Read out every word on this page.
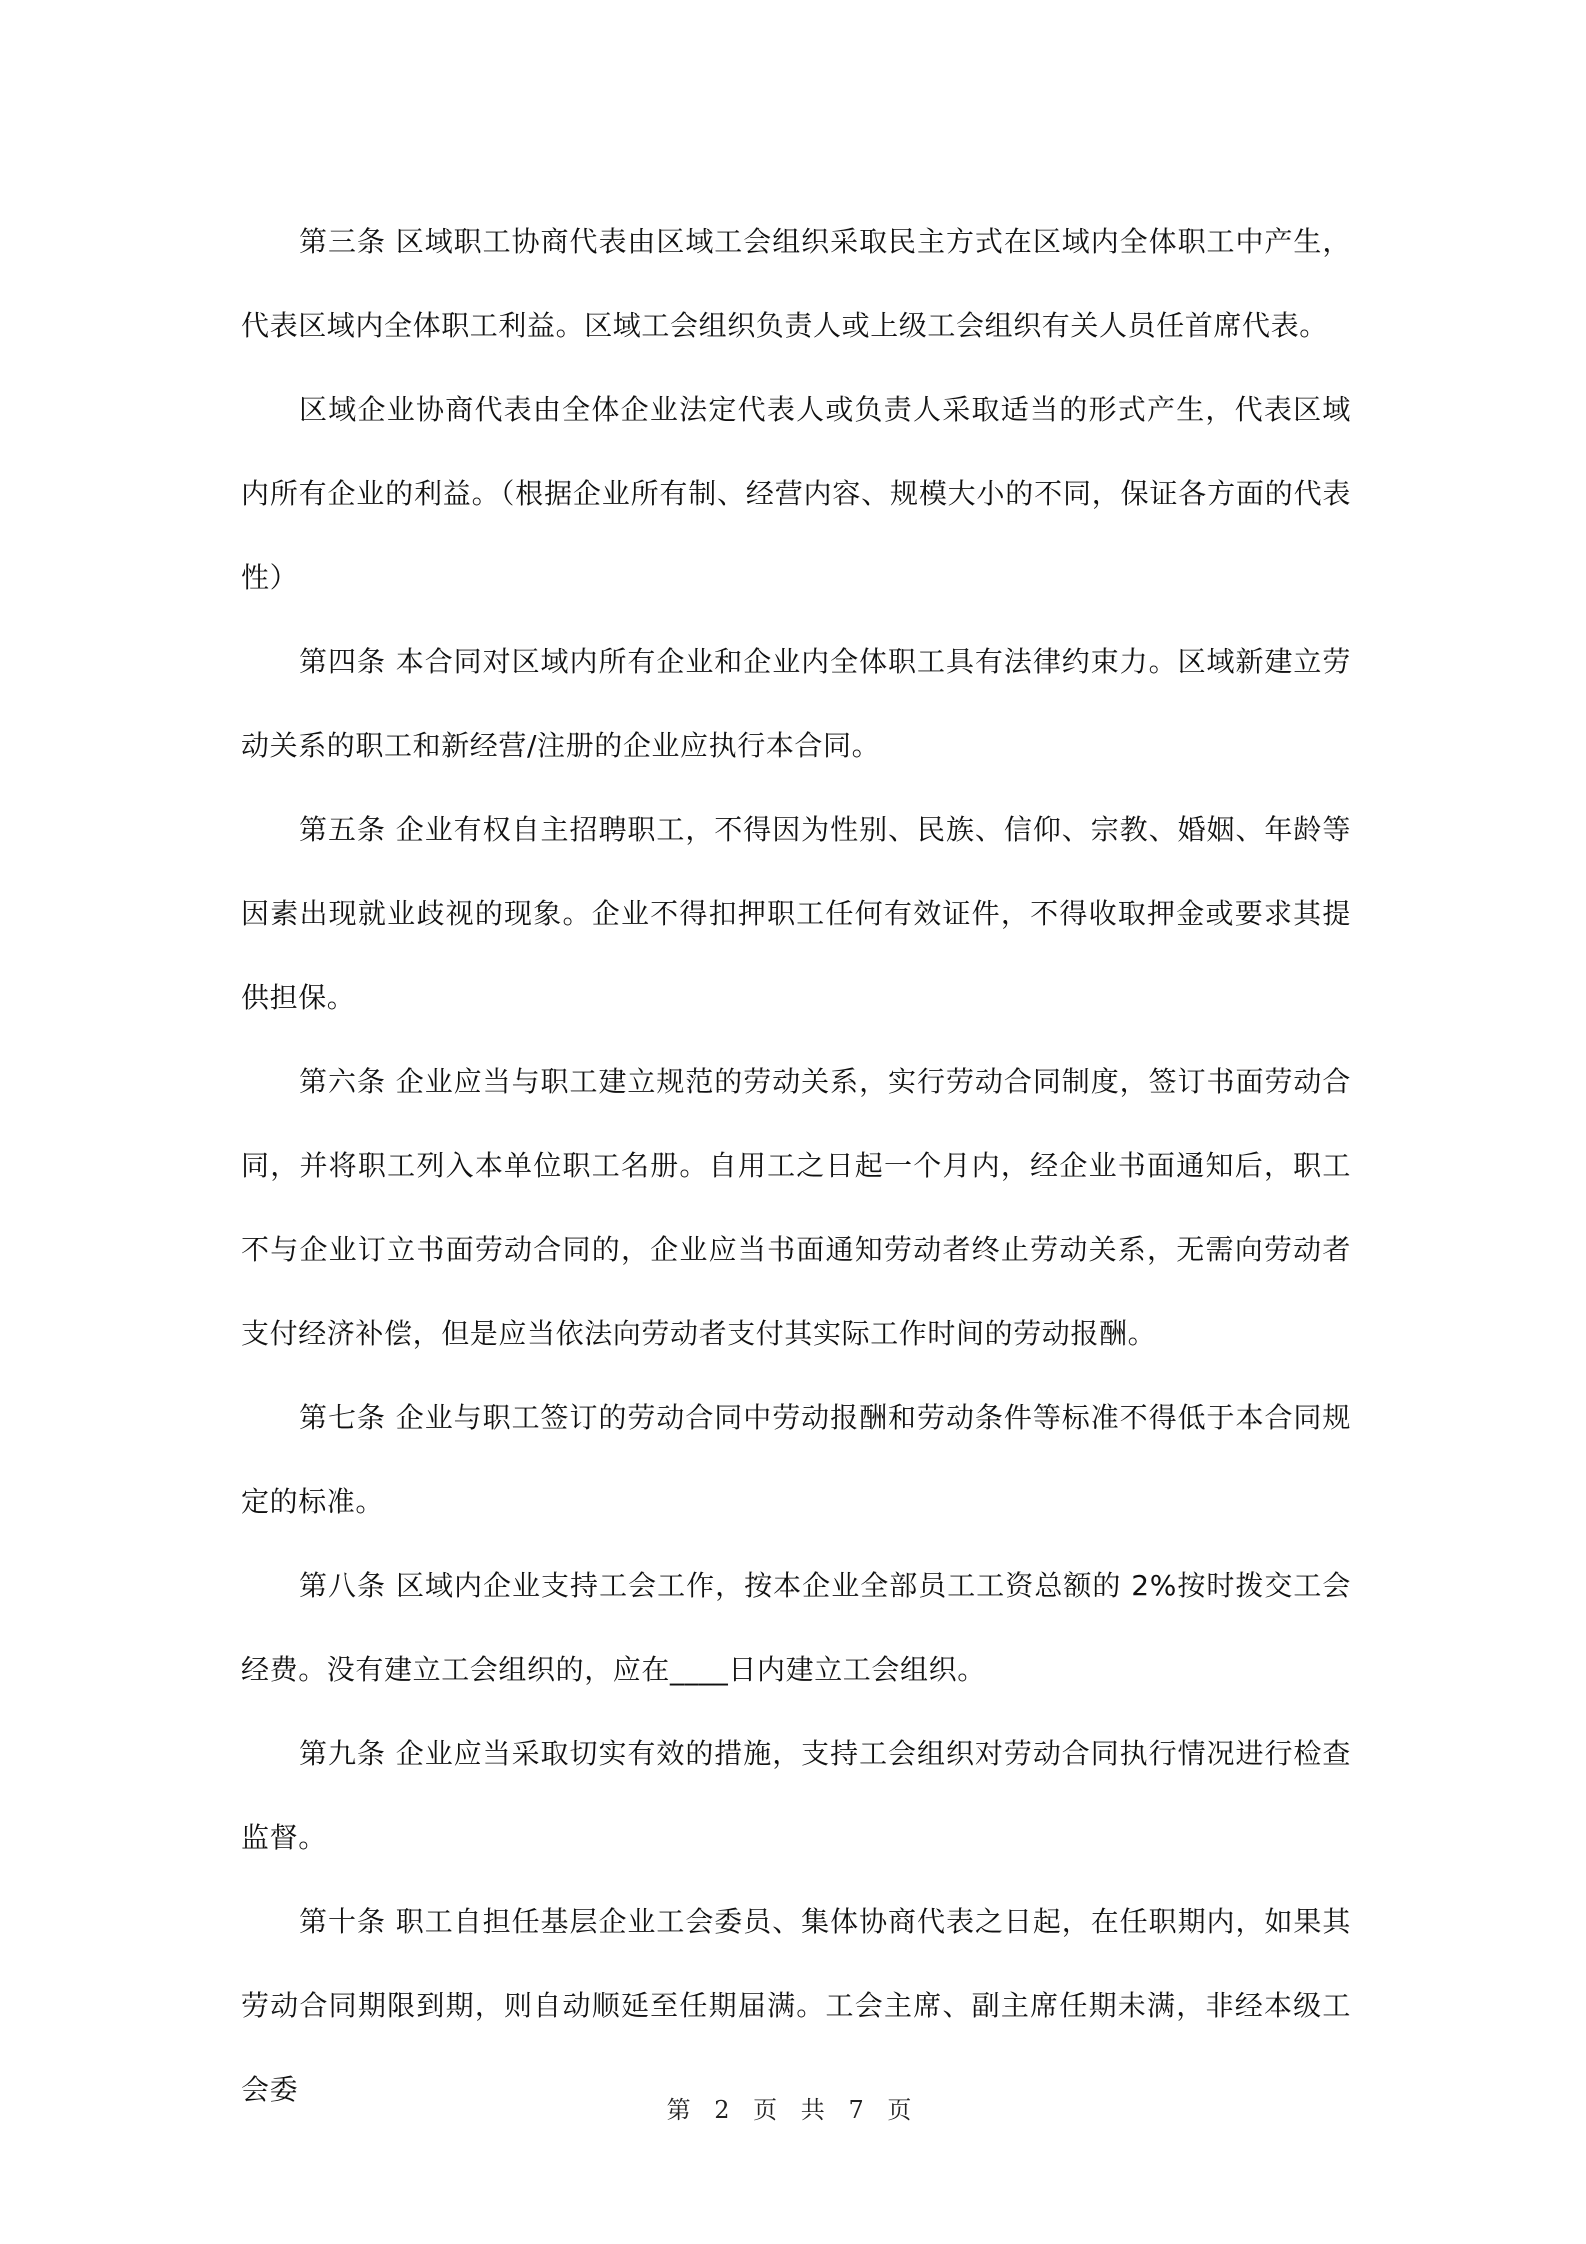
第三条 区域职工协商代表由区域工会组织采取民主方式在区域内全体职工中产生，代表区域内全体职工利益。区域工会组织负责人或上级工会组织有关人员任首席代表。

区域企业协商代表由全体企业法定代表人或负责人采取适当的形式产生，代表区域内所有企业的利益。（根据企业所有制、经营内容、规模大小的不同，保证各方面的代表性）

第四条 本合同对区域内所有企业和企业内全体职工具有法律约束力。区域新建立劳动关系的职工和新经营/注册的企业应执行本合同。

第五条 企业有权自主招聘职工，不得因为性别、民族、信仰、宗教、婚姻、年龄等因素出现就业歧视的现象。企业不得扣押职工任何有效证件，不得收取押金或要求其提供担保。

第六条 企业应当与职工建立规范的劳动关系，实行劳动合同制度，签订书面劳动合同，并将职工列入本单位职工名册。自用工之日起一个月内，经企业书面通知后，职工不与企业订立书面劳动合同的，企业应当书面通知劳动者终止劳动关系，无需向劳动者支付经济补偿，但是应当依法向劳动者支付其实际工作时间的劳动报酬。

第七条 企业与职工签订的劳动合同中劳动报酬和劳动条件等标准不得低于本合同规定的标准。

第八条 区域内企业支持工会工作，按本企业全部员工工资总额的 2%按时拨交工会经费。没有建立工会组织的，应在____日内建立工会组织。

第九条 企业应当采取切实有效的措施，支持工会组织对劳动合同执行情况进行检查监督。

第十条 职工自担任基层企业工会委员、集体协商代表之日起，在任职期内，如果其劳动合同期限到期，则自动顺延至任期届满。工会主席、副主席任期未满，非经本级工会委

第 2 页 共 7 页
